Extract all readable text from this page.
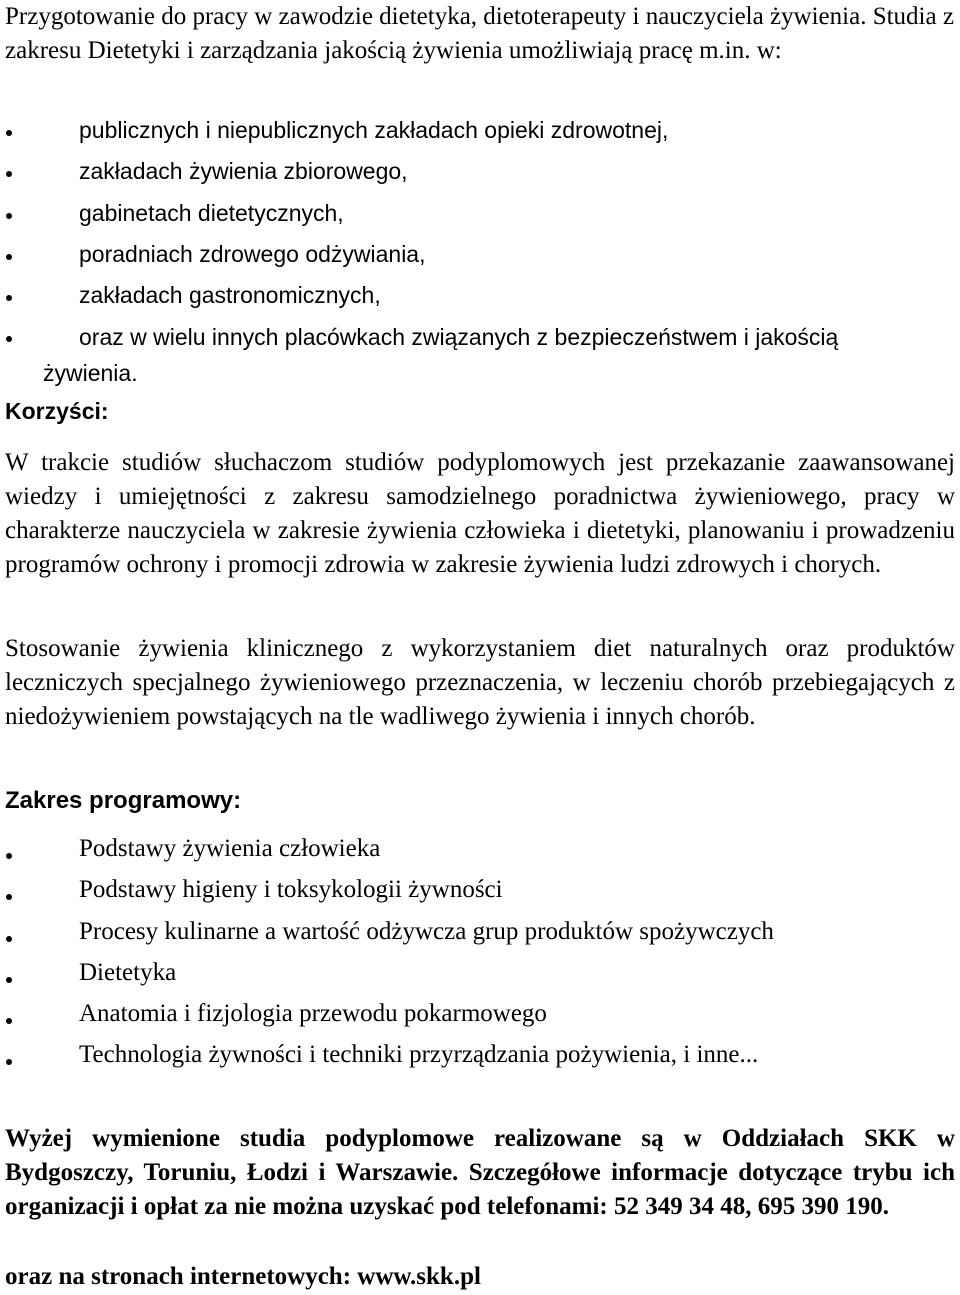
Przygotowanie do pracy w zawodzie dietetyka, dietoterapeuty i nauczyciela żywienia. Studia z zakresu Dietetyki i zarządzania jakością żywienia umożliwiają pracę m.in. w:

publicznych i niepublicznych zakładach opieki zdrowotnej,
zakładach żywienia zbiorowego,
gabinetach dietetycznych,
poradniach zdrowego odżywiania,
zakładach gastronomicznych,
oraz w wielu innych placówkach związanych z bezpieczeństwem i jakością żywienia.
Korzyści:

W trakcie studiów słuchaczom studiów podyplomowych jest przekazanie zaawansowanej wiedzy i umiejętności z zakresu samodzielnego poradnictwa żywieniowego, pracy w charakterze nauczyciela w zakresie żywienia człowieka i dietetyki, planowaniu i prowadzeniu programów ochrony i promocji zdrowia w zakresie żywienia ludzi zdrowych i chorych.

Stosowanie żywienia klinicznego z wykorzystaniem diet naturalnych oraz produktów leczniczych specjalnego żywieniowego przeznaczenia, w leczeniu chorób przebiegających z niedożywieniem powstających na tle wadliwego żywienia i innych chorób.

Zakres programowy:
Podstawy żywienia człowieka
Podstawy higieny i toksykologii żywności
Procesy kulinarne a wartość odżywcza grup produktów spożywczych
Dietetyka
Anatomia i fizjologia przewodu pokarmowego
Technologia żywności i techniki przyrządzania pożywienia, i inne...

Wyżej wymienione studia podyplomowe realizowane są w Oddziałach SKK w Bydgoszczy, Toruniu, Łodzi i Warszawie. Szczegółowe informacje dotyczące trybu ich organizacji i opłat za nie można uzyskać pod telefonami: 52 349 34 48, 695 390 190.

oraz na stronach internetowych: www.skk.pl
